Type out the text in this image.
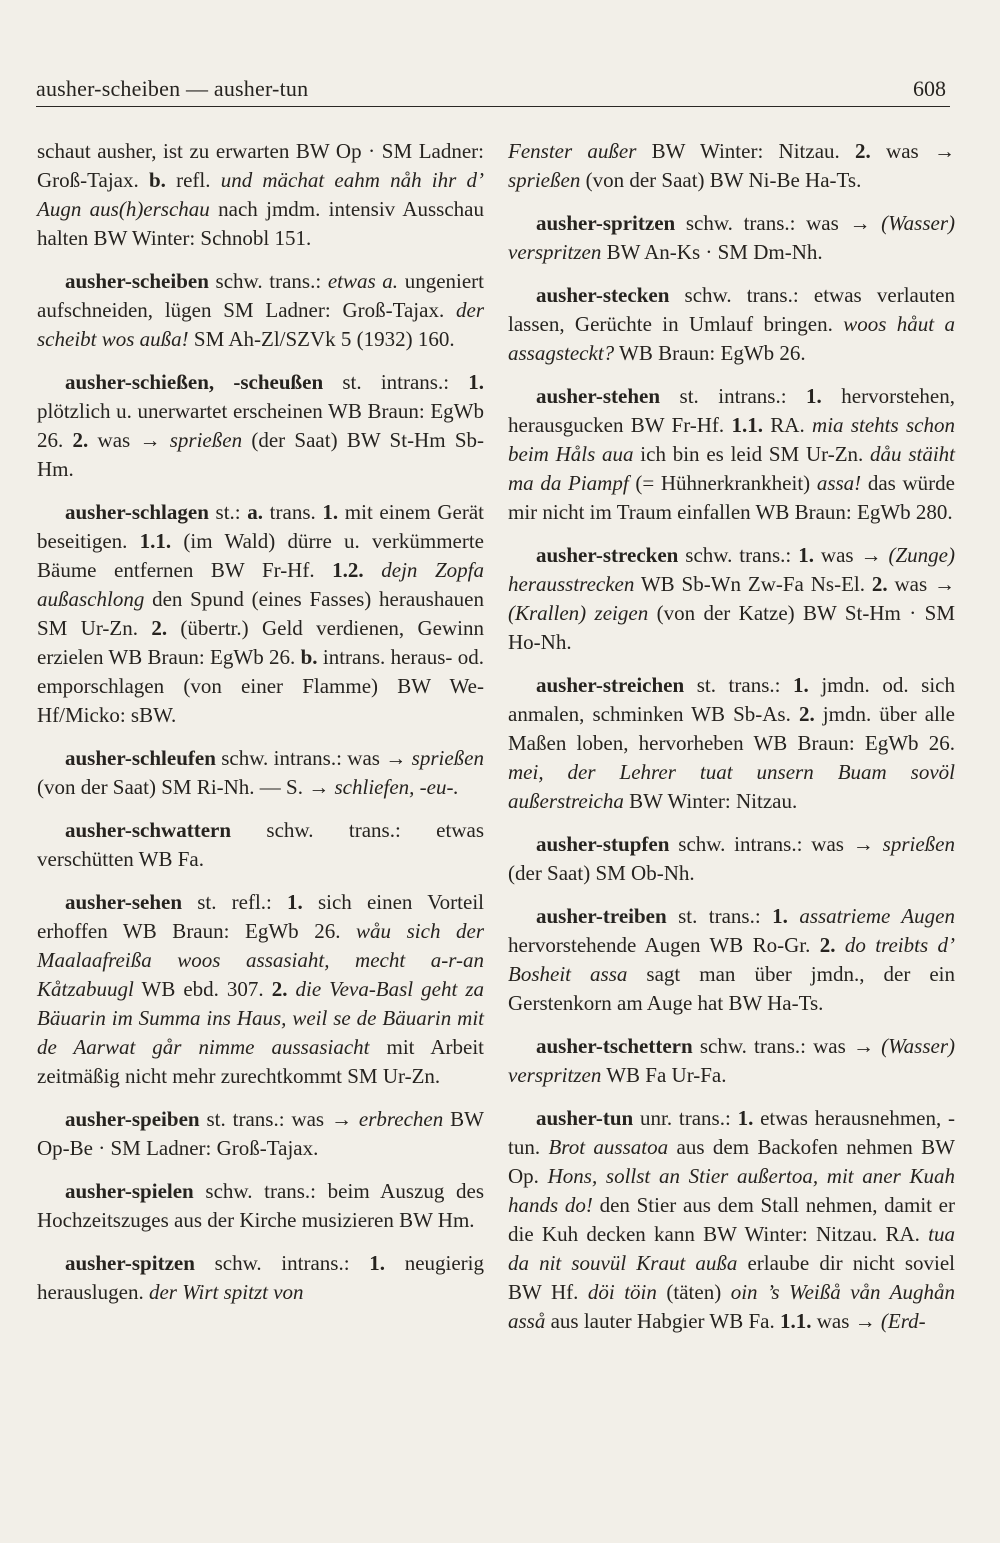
ausher-scheiben — ausher-tun	608

schaut ausher, ist zu erwarten BW Op · SM Ladner: Groß-Tajax. b. refl. und mächat eahm nåh ihr d’ Augn aus(h)erschau nach jmdm. intensiv Ausschau halten BW Winter: Schnobl 151.

ausher-scheiben schw. trans.: etwas a. ungeniert aufschneiden, lügen SM Ladner: Groß-Tajax. der scheibt wos außa! SM Ah-Zl/SZVk 5 (1932) 160.

ausher-schießen, -scheußen st. intrans.: 1. plötzlich u. unerwartet erscheinen WB Braun: EgWb 26. 2. was → sprießen (der Saat) BW St-Hm Sb-Hm.

ausher-schlagen st.: a. trans. 1. mit einem Gerät beseitigen. 1.1. (im Wald) dürre u. verkümmerte Bäume entfernen BW Fr-Hf. 1.2. dejn Zopfa außaschlong den Spund (eines Fasses) heraushauen SM Ur-Zn. 2. (übertr.) Geld verdienen, Gewinn erzielen WB Braun: EgWb 26. b. intrans. heraus- od. emporschlagen (von einer Flamme) BW We-Hf/Micko: sBW.

ausher-schleufen schw. intrans.: was → sprießen (von der Saat) SM Ri-Nh. — S. → schliefen, -eu-.

ausher-schwattern schw. trans.: etwas verschütten WB Fa.

ausher-sehen st. refl.: 1. sich einen Vorteil erhoffen WB Braun: EgWb 26. wåu sich der Maalaafreißa woos assasiaht, mecht a-r-an Kåtzabuugl WB ebd. 307. 2. die Veva-Basl geht za Bäuarin im Summa ins Haus, weil se de Bäuarin mit de Aarwat går nimme aussasiacht mit Arbeit zeitmäßig nicht mehr zurechtkommt SM Ur-Zn.

ausher-speiben st. trans.: was → erbrechen BW Op-Be · SM Ladner: Groß-Tajax.

ausher-spielen schw. trans.: beim Auszug des Hochzeitszuges aus der Kirche musizieren BW Hm.

ausher-spitzen schw. intrans.: 1. neugierig herauslugen. der Wirt spitzt von

Fenster außer BW Winter: Nitzau. 2. was → sprießen (von der Saat) BW Ni-Be Ha-Ts.

ausher-spritzen schw. trans.: was → (Wasser) verspritzen BW An-Ks · SM Dm-Nh.

ausher-stecken schw. trans.: etwas verlauten lassen, Gerüchte in Umlauf bringen. woos håut a assagsteckt? WB Braun: EgWb 26.

ausher-stehen st. intrans.: 1. hervorstehen, herausgucken BW Fr-Hf. 1.1. RA. mia stehts schon beim Håls aua ich bin es leid SM Ur-Zn. dåu stäiht ma da Piampf (= Hühnerkrankheit) assa! das würde mir nicht im Traum einfallen WB Braun: EgWb 280.

ausher-strecken schw. trans.: 1. was → (Zunge) herausstrecken WB Sb-Wn Zw-Fa Ns-El. 2. was → (Krallen) zeigen (von der Katze) BW St-Hm · SM Ho-Nh.

ausher-streichen st. trans.: 1. jmdn. od. sich anmalen, schminken WB Sb-As. 2. jmdn. über alle Maßen loben, hervorheben WB Braun: EgWb 26. mei, der Lehrer tuat unsern Buam sovöl außerstreicha BW Winter: Nitzau.

ausher-stupfen schw. intrans.: was → sprießen (der Saat) SM Ob-Nh.

ausher-treiben st. trans.: 1. assatrieme Augen hervorstehende Augen WB Ro-Gr. 2. do treibts d’ Bosheit assa sagt man über jmdn., der ein Gerstenkorn am Auge hat BW Ha-Ts.

ausher-tschettern schw. trans.: was → (Wasser) verspritzen WB Fa Ur-Fa.

ausher-tun unr. trans.: 1. etwas herausnehmen, -tun. Brot aussatoa aus dem Backofen nehmen BW Op. Hons, sollst an Stier außertoa, mit aner Kuah hands do! den Stier aus dem Stall nehmen, damit er die Kuh decken kann BW Winter: Nitzau. RA. tua da nit souvül Kraut außa erlaube dir nicht soviel BW Hf. döi töin (täten) oin ’s Weißå vån Aughån asså aus lauter Habgier WB Fa. 1.1. was → (Erd-
